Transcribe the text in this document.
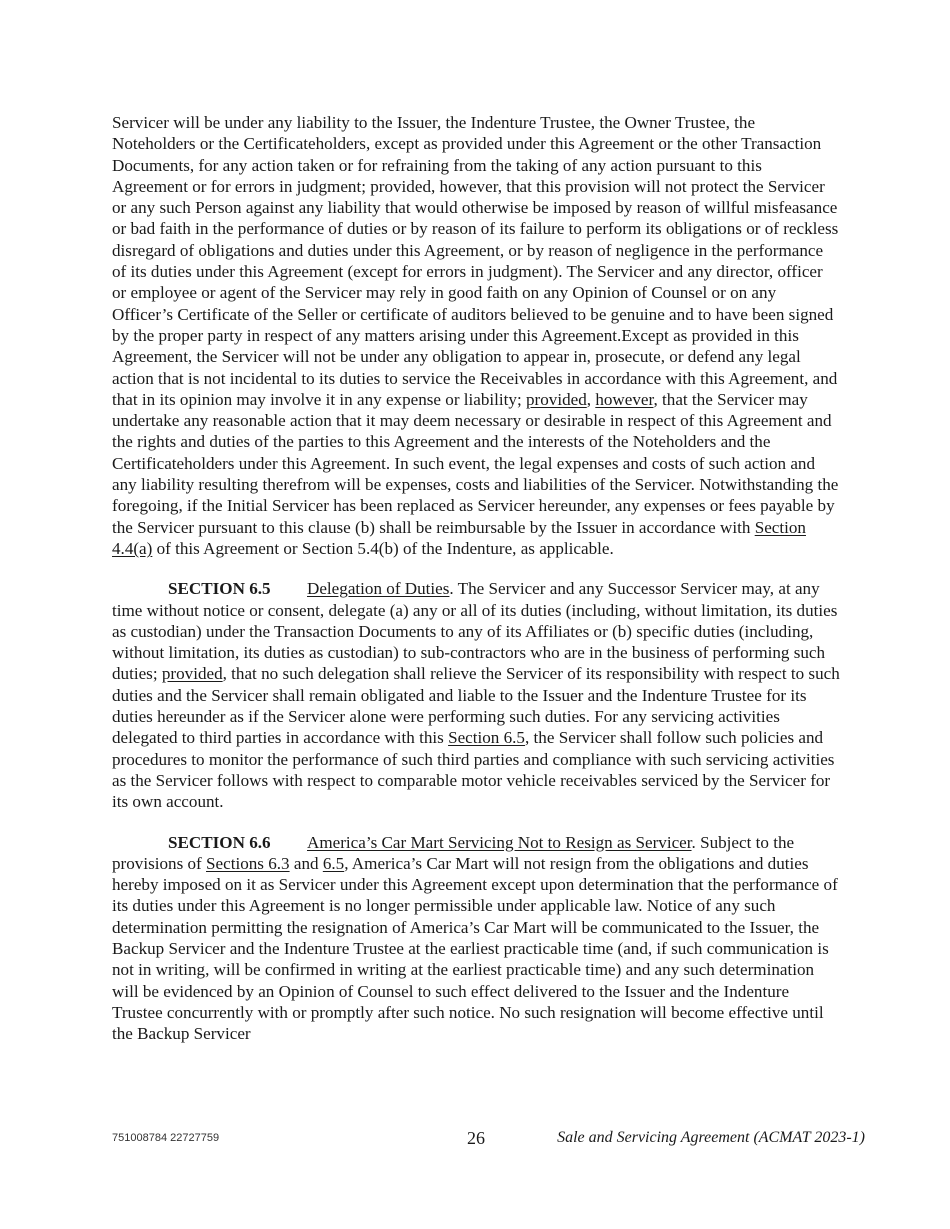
Servicer will be under any liability to the Issuer, the Indenture Trustee, the Owner Trustee, the Noteholders or the Certificateholders, except as provided under this Agreement or the other Transaction Documents, for any action taken or for refraining from the taking of any action pursuant to this Agreement or for errors in judgment; provided, however, that this provision will not protect the Servicer or any such Person against any liability that would otherwise be imposed by reason of willful misfeasance or bad faith in the performance of duties or by reason of its failure to perform its obligations or of reckless disregard of obligations and duties under this Agreement, or by reason of negligence in the performance of its duties under this Agreement (except for errors in judgment). The Servicer and any director, officer or employee or agent of the Servicer may rely in good faith on any Opinion of Counsel or on any Officer’s Certificate of the Seller or certificate of auditors believed to be genuine and to have been signed by the proper party in respect of any matters arising under this Agreement.Except as provided in this Agreement, the Servicer will not be under any obligation to appear in, prosecute, or defend any legal action that is not incidental to its duties to service the Receivables in accordance with this Agreement, and that in its opinion may involve it in any expense or liability; provided, however, that the Servicer may undertake any reasonable action that it may deem necessary or desirable in respect of this Agreement and the rights and duties of the parties to this Agreement and the interests of the Noteholders and the Certificateholders under this Agreement. In such event, the legal expenses and costs of such action and any liability resulting therefrom will be expenses, costs and liabilities of the Servicer. Notwithstanding the foregoing, if the Initial Servicer has been replaced as Servicer hereunder, any expenses or fees payable by the Servicer pursuant to this clause (b) shall be reimbursable by the Issuer in accordance with Section 4.4(a) of this Agreement or Section 5.4(b) of the Indenture, as applicable.

SECTION 6.5 Delegation of Duties. The Servicer and any Successor Servicer may, at any time without notice or consent, delegate (a) any or all of its duties (including, without limitation, its duties as custodian) under the Transaction Documents to any of its Affiliates or (b) specific duties (including, without limitation, its duties as custodian) to sub-contractors who are in the business of performing such duties; provided, that no such delegation shall relieve the Servicer of its responsibility with respect to such duties and the Servicer shall remain obligated and liable to the Issuer and the Indenture Trustee for its duties hereunder as if the Servicer alone were performing such duties. For any servicing activities delegated to third parties in accordance with this Section 6.5, the Servicer shall follow such policies and procedures to monitor the performance of such third parties and compliance with such servicing activities as the Servicer follows with respect to comparable motor vehicle receivables serviced by the Servicer for its own account.

SECTION 6.6 America’s Car Mart Servicing Not to Resign as Servicer. Subject to the provisions of Sections 6.3 and 6.5, America’s Car Mart will not resign from the obligations and duties hereby imposed on it as Servicer under this Agreement except upon determination that the performance of its duties under this Agreement is no longer permissible under applicable law. Notice of any such determination permitting the resignation of America’s Car Mart will be communicated to the Issuer, the Backup Servicer and the Indenture Trustee at the earliest practicable time (and, if such communication is not in writing, will be confirmed in writing at the earliest practicable time) and any such determination will be evidenced by an Opinion of Counsel to such effect delivered to the Issuer and the Indenture Trustee concurrently with or promptly after such notice. No such resignation will become effective until the Backup Servicer

751008784 22727759	26	Sale and Servicing Agreement (ACMAT 2023-1)
